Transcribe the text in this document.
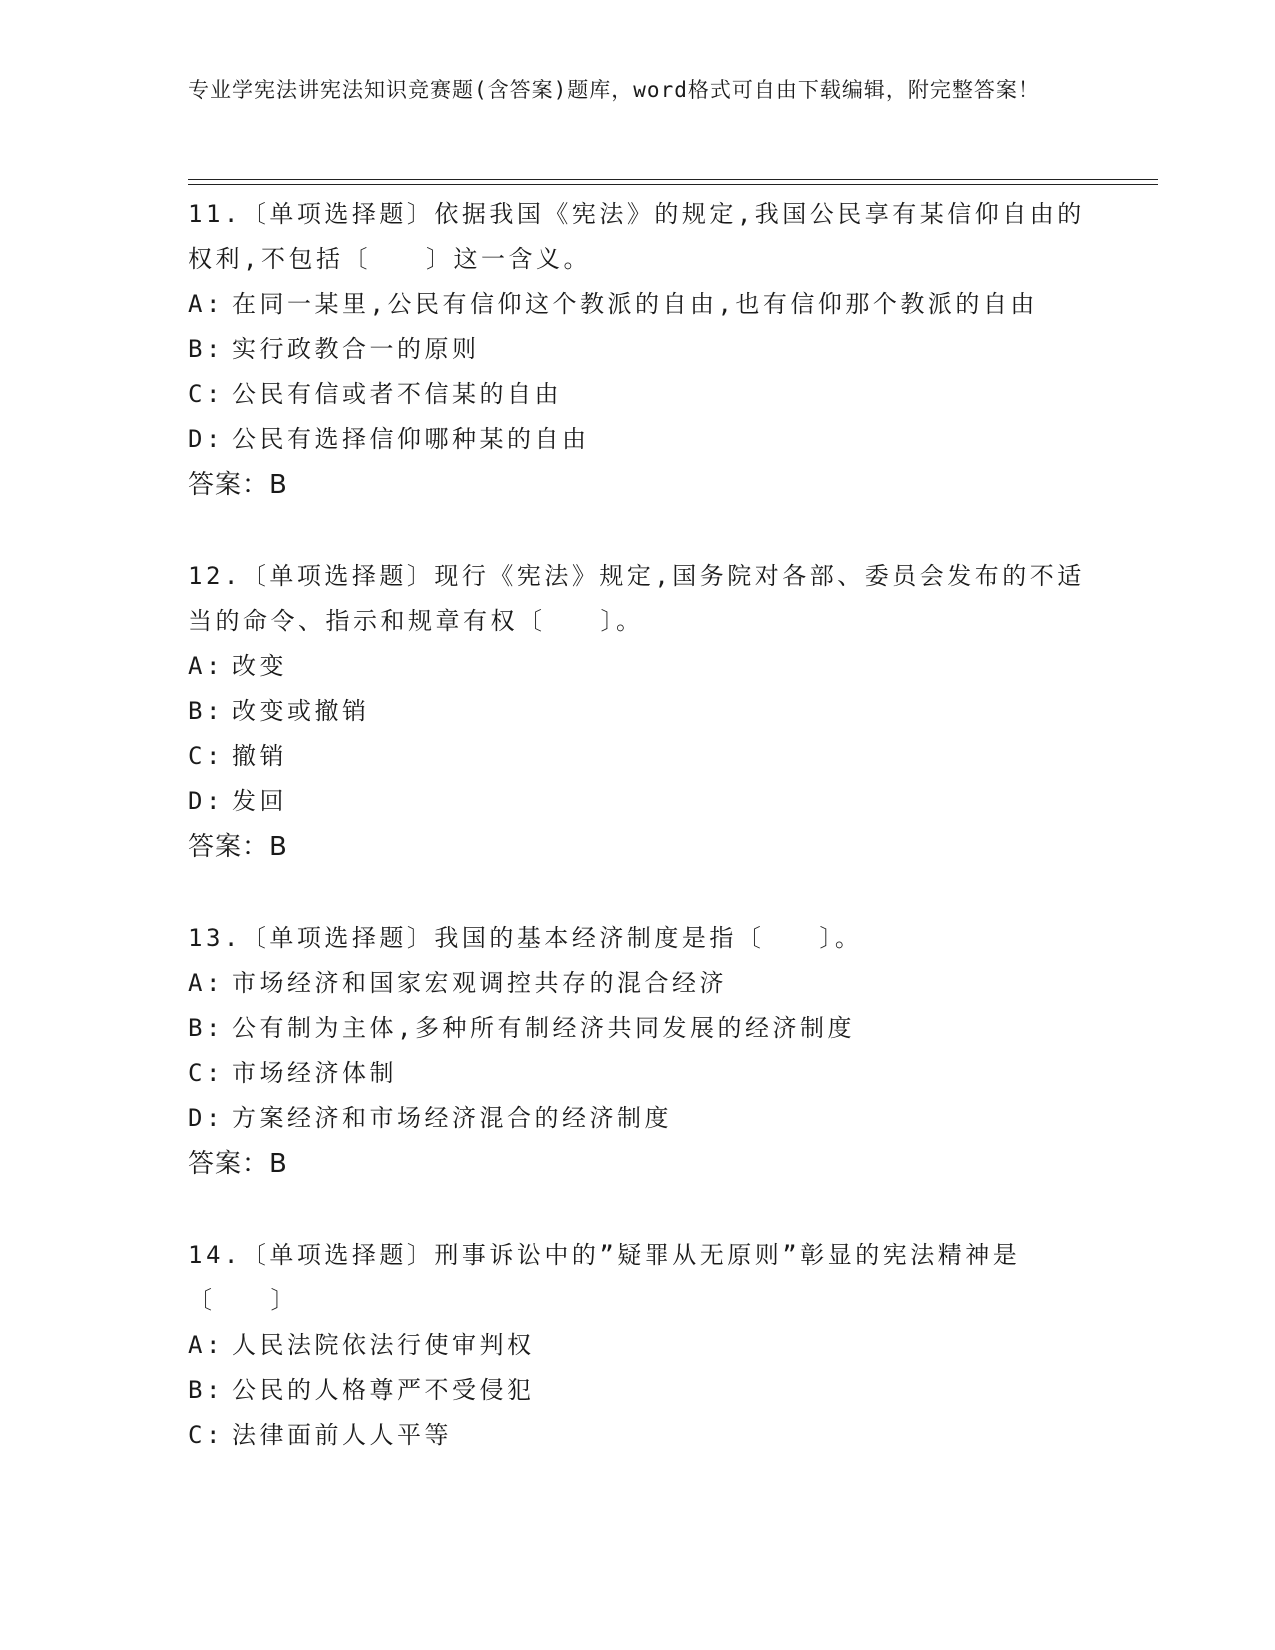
专业学宪法讲宪法知识竞赛题(含答案)题库，word格式可自由下载编辑，附完整答案！
11.〔单项选择题〕依据我国《宪法》的规定,我国公民享有某信仰自由的权利,不包括〔　　〕这一含义。
A: 在同一某里,公民有信仰这个教派的自由,也有信仰那个教派的自由
B: 实行政教合一的原则
C: 公民有信或者不信某的自由
D: 公民有选择信仰哪种某的自由
答案：B
12.〔单项选择题〕现行《宪法》规定,国务院对各部、委员会发布的不适当的命令、指示和规章有权〔　　〕。
A: 改变
B: 改变或撤销
C: 撤销
D: 发回
答案：B
13.〔单项选择题〕我国的基本经济制度是指〔　　〕。
A: 市场经济和国家宏观调控共存的混合经济
B: 公有制为主体,多种所有制经济共同发展的经济制度
C: 市场经济体制
D: 方案经济和市场经济混合的经济制度
答案：B
14.〔单项选择题〕刑事诉讼中的”疑罪从无原则”彰显的宪法精神是〔　　〕
A: 人民法院依法行使审判权
B: 公民的人格尊严不受侵犯
C: 法律面前人人平等
